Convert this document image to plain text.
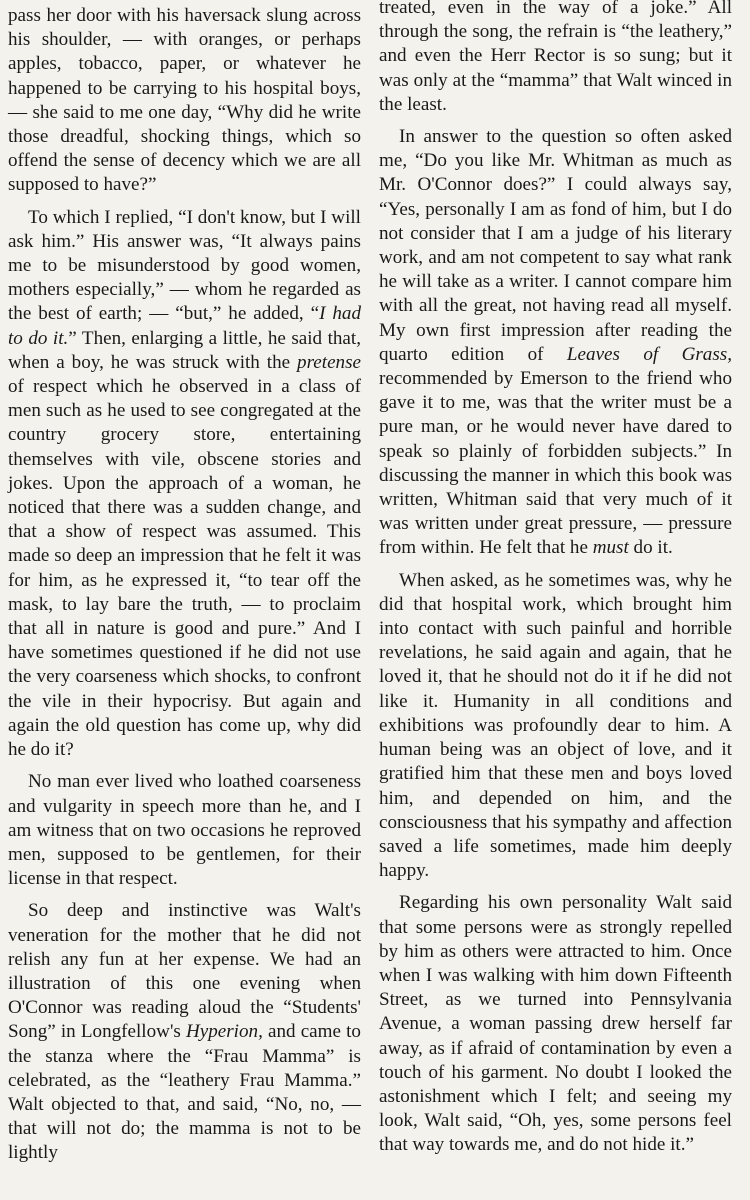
pass her door with his haversack slung across his shoulder, — with oranges, or perhaps apples, tobacco, paper, or whatever he happened to be carrying to his hospital boys, — she said to me one day, “Why did he write those dreadful, shocking things, which so offend the sense of decency which we are all supposed to have?”

To which I replied, “I don't know, but I will ask him.” His answer was, “It always pains me to be misunderstood by good women, mothers especially,” — whom he regarded as the best of earth; — “but,” he added, “I had to do it.” Then, enlarging a little, he said that, when a boy, he was struck with the pretense of respect which he observed in a class of men such as he used to see congregated at the country grocery store, entertaining themselves with vile, obscene stories and jokes. Upon the approach of a woman, he noticed that there was a sudden change, and that a show of respect was assumed. This made so deep an impression that he felt it was for him, as he expressed it, “to tear off the mask, to lay bare the truth, — to proclaim that all in nature is good and pure.” And I have sometimes questioned if he did not use the very coarseness which shocks, to confront the vile in their hypocrisy. But again and again the old question has come up, why did he do it?

No man ever lived who loathed coarseness and vulgarity in speech more than he, and I am witness that on two occasions he reproved men, supposed to be gentlemen, for their license in that respect.

So deep and instinctive was Walt's veneration for the mother that he did not relish any fun at her expense. We had an illustration of this one evening when O'Connor was reading aloud the “Students' Song” in Longfellow's Hyperion, and came to the stanza where the “Frau Mamma” is celebrated, as the “leathery Frau Mamma.” Walt objected to that, and said, “No, no, — that will not do; the mamma is not to be lightly

treated, even in the way of a joke.” All through the song, the refrain is “the leathery,” and even the Herr Rector is so sung; but it was only at the “mamma” that Walt winced in the least.

In answer to the question so often asked me, “Do you like Mr. Whitman as much as Mr. O'Connor does?” I could always say, “Yes, personally I am as fond of him, but I do not consider that I am a judge of his literary work, and am not competent to say what rank he will take as a writer. I cannot compare him with all the great, not having read all myself. My own first impression after reading the quarto edition of Leaves of Grass, recommended by Emerson to the friend who gave it to me, was that the writer must be a pure man, or he would never have dared to speak so plainly of forbidden subjects.” In discussing the manner in which this book was written, Whitman said that very much of it was written under great pressure, — pressure from within. He felt that he must do it.

When asked, as he sometimes was, why he did that hospital work, which brought him into contact with such painful and horrible revelations, he said again and again, that he loved it, that he should not do it if he did not like it. Humanity in all conditions and exhibitions was profoundly dear to him. A human being was an object of love, and it gratified him that these men and boys loved him, and depended on him, and the consciousness that his sympathy and affection saved a life sometimes, made him deeply happy.

Regarding his own personality Walt said that some persons were as strongly repelled by him as others were attracted to him. Once when I was walking with him down Fifteenth Street, as we turned into Pennsylvania Avenue, a woman passing drew herself far away, as if afraid of contamination by even a touch of his garment. No doubt I looked the astonishment which I felt; and seeing my look, Walt said, “Oh, yes, some persons feel that way towards me, and do not hide it.”
